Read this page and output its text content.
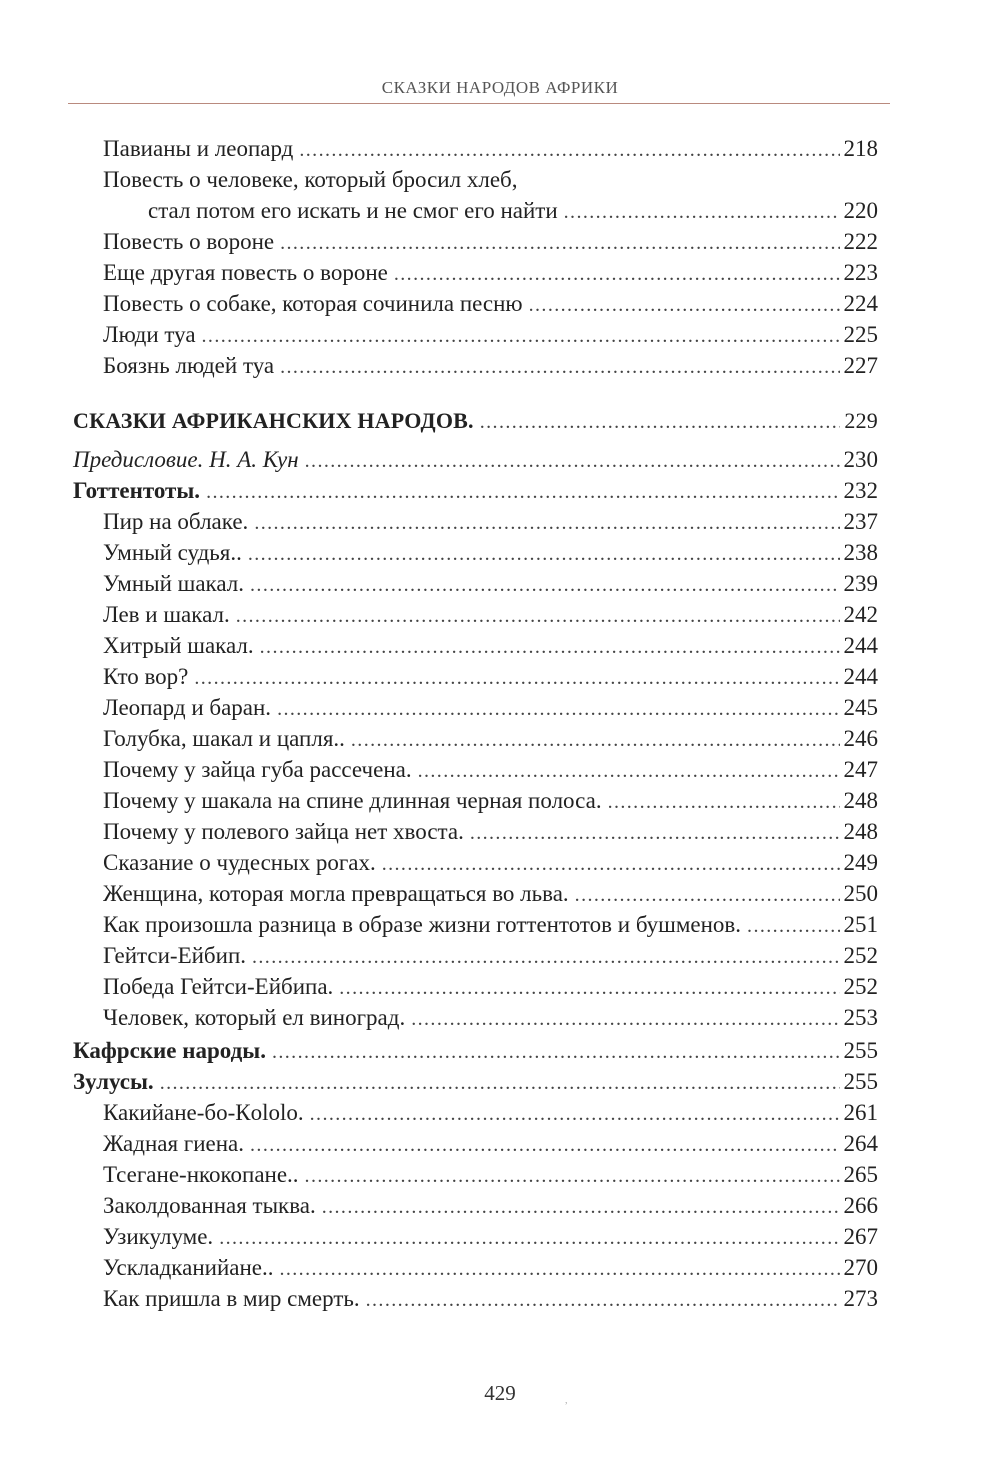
СКАЗКИ НАРОДОВ АФРИКИ
Павианы и леопард . . .	218
Повесть о человеке, который бросил хлеб,
стал потом его искать и не смог его найти . . .	220
Повесть о вороне . . .	222
Еще другая повесть о вороне . . .	223
Повесть о собаке, которая сочинила песню . . .	224
Люди туа . . .	225
Боязнь людей туа . . .	227
СКАЗКИ АФРИКАНСКИХ НАРОДОВ. . . .	229
Предисловие. Н. А. Кун . . .	230
Готтентоты. . . .	232
Пир на облаке. . . .	237
Умный судья.. . . .	238
Умный шакал. . . .	239
Лев и шакал. . . .	242
Хитрый шакал. . . .	244
Кто вор? . . .	244
Леопард и баран. . . .	245
Голубка, шакал и цапля.. . . .	246
Почему у зайца губа рассечена. . . .	247
Почему у шакала на спине длинная черная полоса. . . .	248
Почему у полевого зайца нет хвоста. . . .	248
Сказание о чудесных рогах. . . .	249
Женщина, которая могла превращаться во льва. . . .	250
Как произошла разница в образе жизни готтентотов и бушменов. . . .	251
Гейтси-Ейбип. . . .	252
Победа Гейтси-Ейбипа. . . .	252
Человек, который ел виноград. . . .	253
Кафрские народы. . . .	255
Зулусы. . . .	255
Какийане-бо-Кololo. . . .	261
Жадная гиена. . . .	264
Тсегане-нкокопане.. . . .	265
Заколдованная тыква. . . .	266
Узикулуме. . . .	267
Ускладканийане.. . . .	270
Как пришла в мир смерть. . . .	273
429	,
